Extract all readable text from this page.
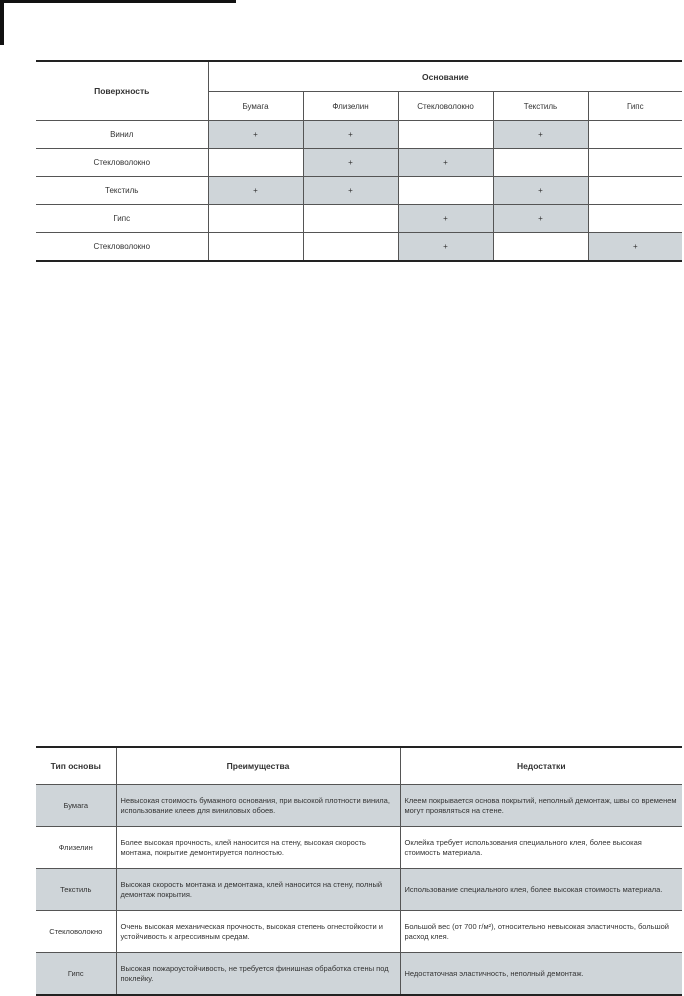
Поверхность	Основание				
	Бумага	Флизелин	Стекловолокно	Текстиль	Гипс
Винил	+	+		+	
Стекловолокно		+	+		
Текстиль	+	+		+	
Гипс			+	+	
Стекловолокно			+		+
Тип основы	Преимущества	Недостатки
Бумага	Невысокая стоимость бумажного основания, при высокой плотности винила, использование клеев для виниловых обоев.	Клеем покрывается основа покрытий, неполный демонтаж, швы со временем могут проявляться на стене.
Флизелин	Более высокая прочность, клей наносится на стену, высокая скорость монтажа, покрытие демонтируется полностью.	Оклейка требует использования специального клея, более высокая стоимость материала.
Текстиль	Высокая скорость монтажа и демонтажа, клей наносится на стену, полный демонтаж покрытия.	Использование специального клея, более высокая стоимость материала.
Стекловолокно	Очень высокая механическая прочность, высокая степень огнестойкости и устойчивость к агрессивным средам.	Большой вес (от 700 г/м²), относительно невысокая эластичность, большой расход клея.
Гипс	Высокая пожароустойчивость, не требуется финишная обработка стены под поклейку.	Недостаточная эластичность, неполный демонтаж.
